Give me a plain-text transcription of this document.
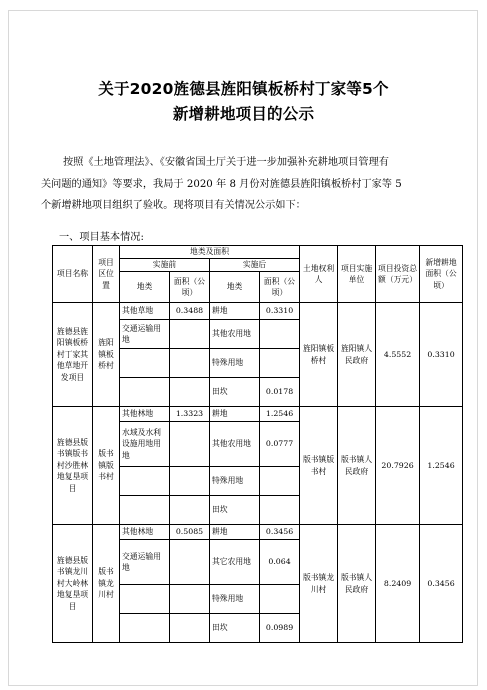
关于2020旌德县旌阳镇板桥村丁家等5个
新增耕地项目的公示

按照《土地管理法》、《安徽省国土厅关于进一步加强补充耕地项目管理有

关问题的通知》等要求，我局于 2020 年 8 月份对旌德县旌阳镇板桥村丁家等 5

个新增耕地项目组织了验收。现将项目有关情况公示如下：

一、项目基本情况:
项目名称	项目区位置	地类及面积				土地权利人	项目实施单位	项目投资总额（万元）	新增耕地面积（公顷）
		实施前		实施后					
		地类	面积（公顷）	地类	面积（公顷）				
旌德县旌阳镇板桥村丁家其他草地开发项目	旌阳镇板桥村	其他草地	0.3488	耕地	0.3310	旌阳镇板桥村	旌阳镇人民政府	4.5552	0.3310
		交通运输用地		其他农用地					
				特殊用地					
				田坎	0.0178				
旌德县版书镇版书村沙胜林地复垦项目	版书镇版书村	其他林地	1.3323	耕地	1.2546	版书镇版书村	版书镇人民政府	20.7926	1.2546
		水域及水利设施用地用地		其他农用地	0.0777				
				特殊用地					
				田坎					
旌德县版书镇龙川村大岭林地复垦项目	版书镇龙川村	其他林地	0.5085	耕地	0.3456	版书镇龙川村	版书镇人民政府	8.2409	0.3456
		交通运输用地		其它农用地	0.064				
				特殊用地					
				田坎	0.0989				
